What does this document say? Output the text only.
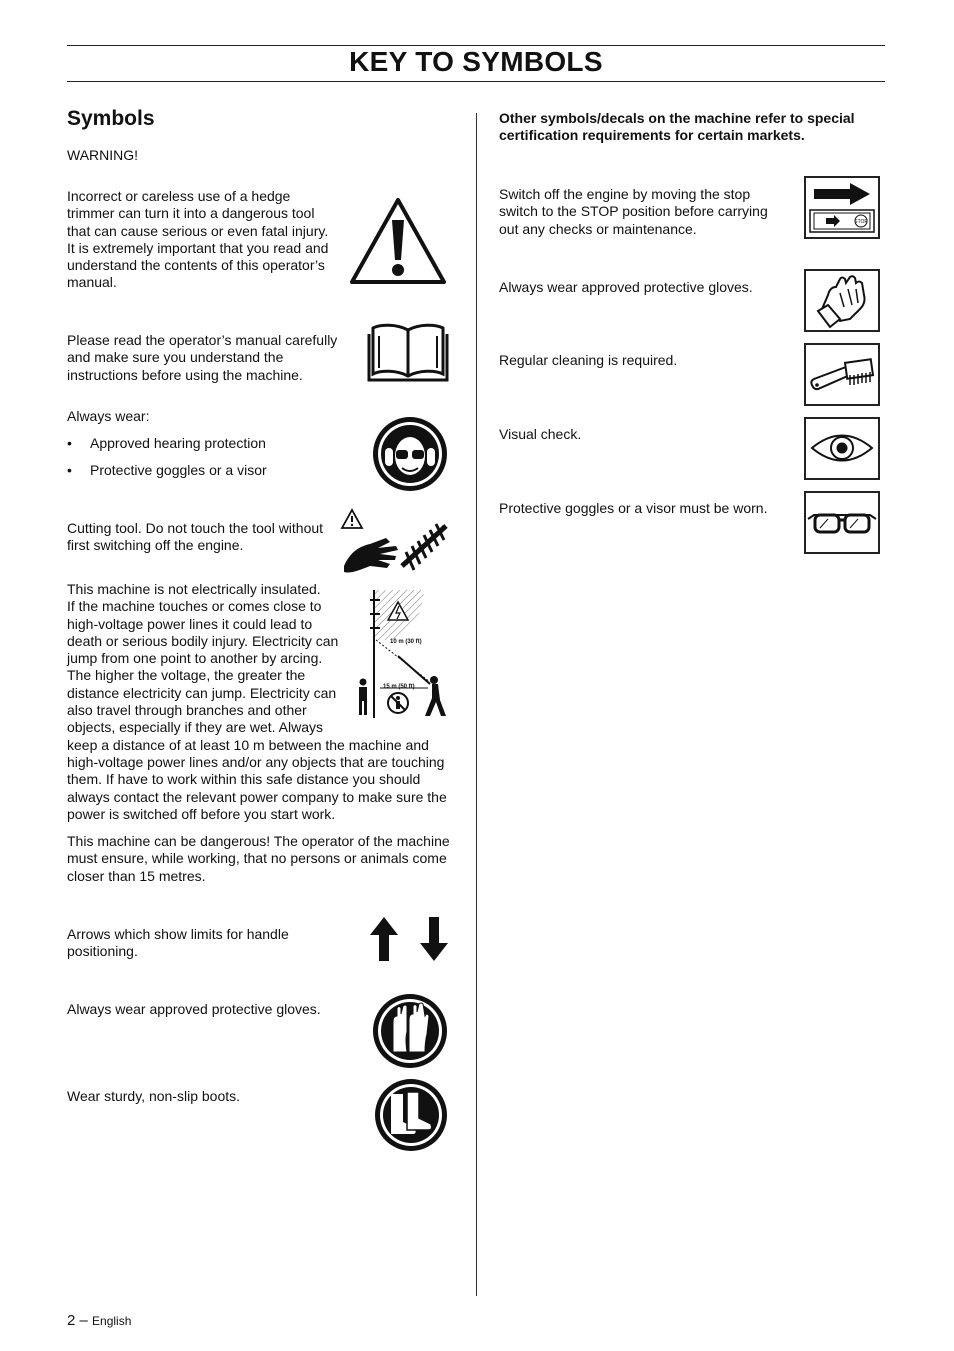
KEY TO SYMBOLS
Symbols
WARNING!
Incorrect or careless use of a hedge
trimmer can turn it into a dangerous tool
that can cause serious or even fatal injury.
It is extremely important that you read and
understand the contents of this operator’s
manual.
Please read the operator’s manual carefully
and make sure you understand the
instructions before using the machine.
Always wear:
• Approved hearing protection
• Protective goggles or a visor
Cutting tool. Do not touch the tool without
first switching off the engine.
This machine is not electrically insulated.
If the machine touches or comes close to
high-voltage power lines it could lead to
death or serious bodily injury. Electricity can
jump from one point to another by arcing.
The higher the voltage, the greater the
distance electricity can jump. Electricity can
also travel through branches and other
objects, especially if they are wet. Always
keep a distance of at least 10 m between the machine and
high-voltage power lines and/or any objects that are touching
them. If have to work within this safe distance you should
always contact the relevant power company to make sure the
power is switched off before you start work.
10 m (30 ft)
15 m (50 ft)
This machine can be dangerous! The operator of the machine
must ensure, while working, that no persons or animals come
closer than 15 metres.
Arrows which show limits for handle
positioning.
Always wear approved protective gloves.
Wear sturdy, non-slip boots.
Other symbols/decals on the machine refer to special
certification requirements for certain markets.
Switch off the engine by moving the stop
switch to the STOP position before carrying
out any checks or maintenance.	STOP
Always wear approved protective gloves.
Regular cleaning is required.
Visual check.
Protective goggles or a visor must be worn.
2 – English
